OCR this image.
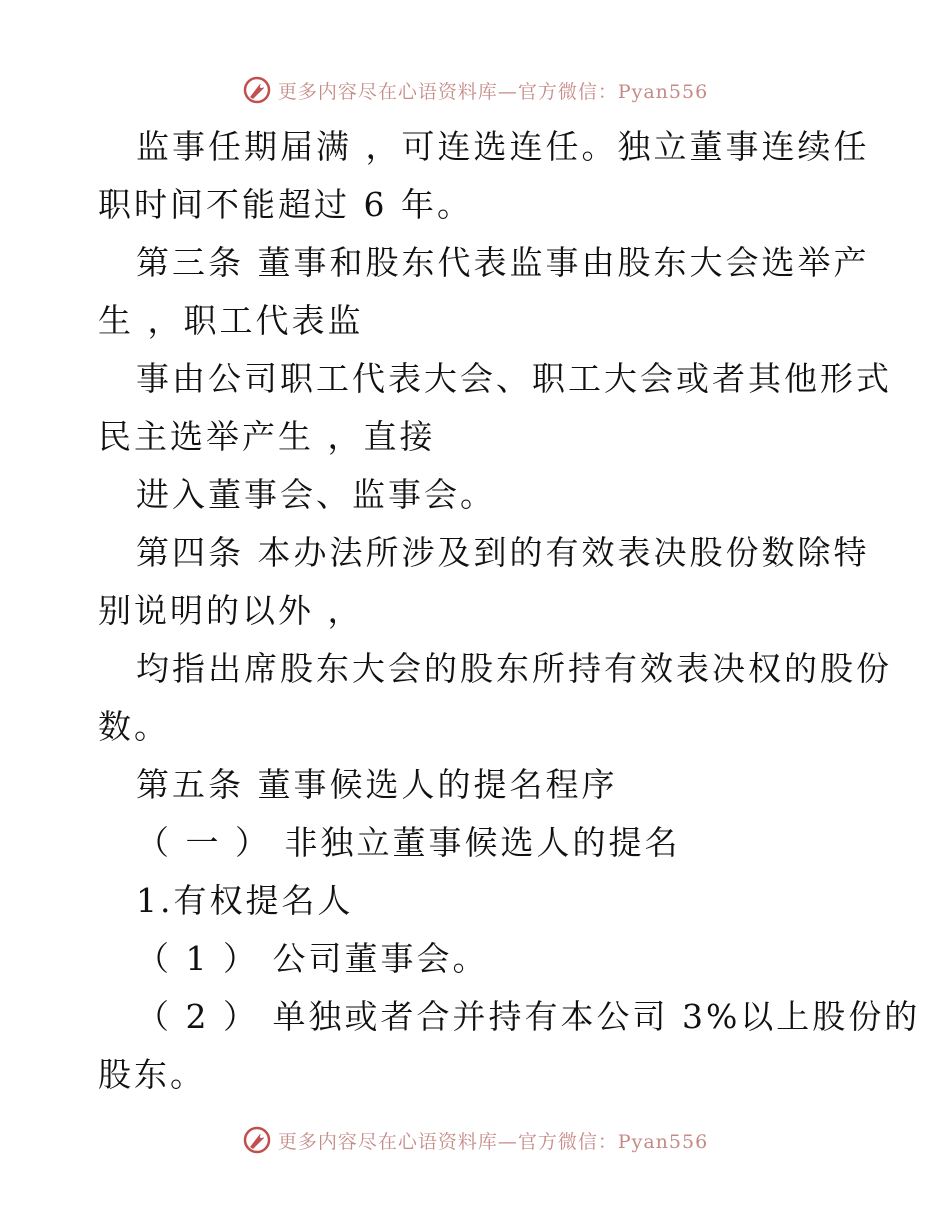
更多内容尽在心语资料库—官方微信：Pyan556
监事任期届满 ，可连选连任。独立董事连续任
职时间不能超过 6 年。
第三条 董事和股东代表监事由股东大会选举产
生 ，职工代表监
事由公司职工代表大会、职工大会或者其他形式
民主选举产生 ，直接
进入董事会、监事会。
第四条 本办法所涉及到的有效表决股份数除特
别说明的以外 ，
均指出席股东大会的股东所持有效表决权的股份
数。
第五条 董事候选人的提名程序
（ 一 ） 非独立董事候选人的提名
1.有权提名人
（ 1 ） 公司董事会。
（ 2 ） 单独或者合并持有本公司 3%以上股份的
股东。
更多内容尽在心语资料库—官方微信：Pyan556
